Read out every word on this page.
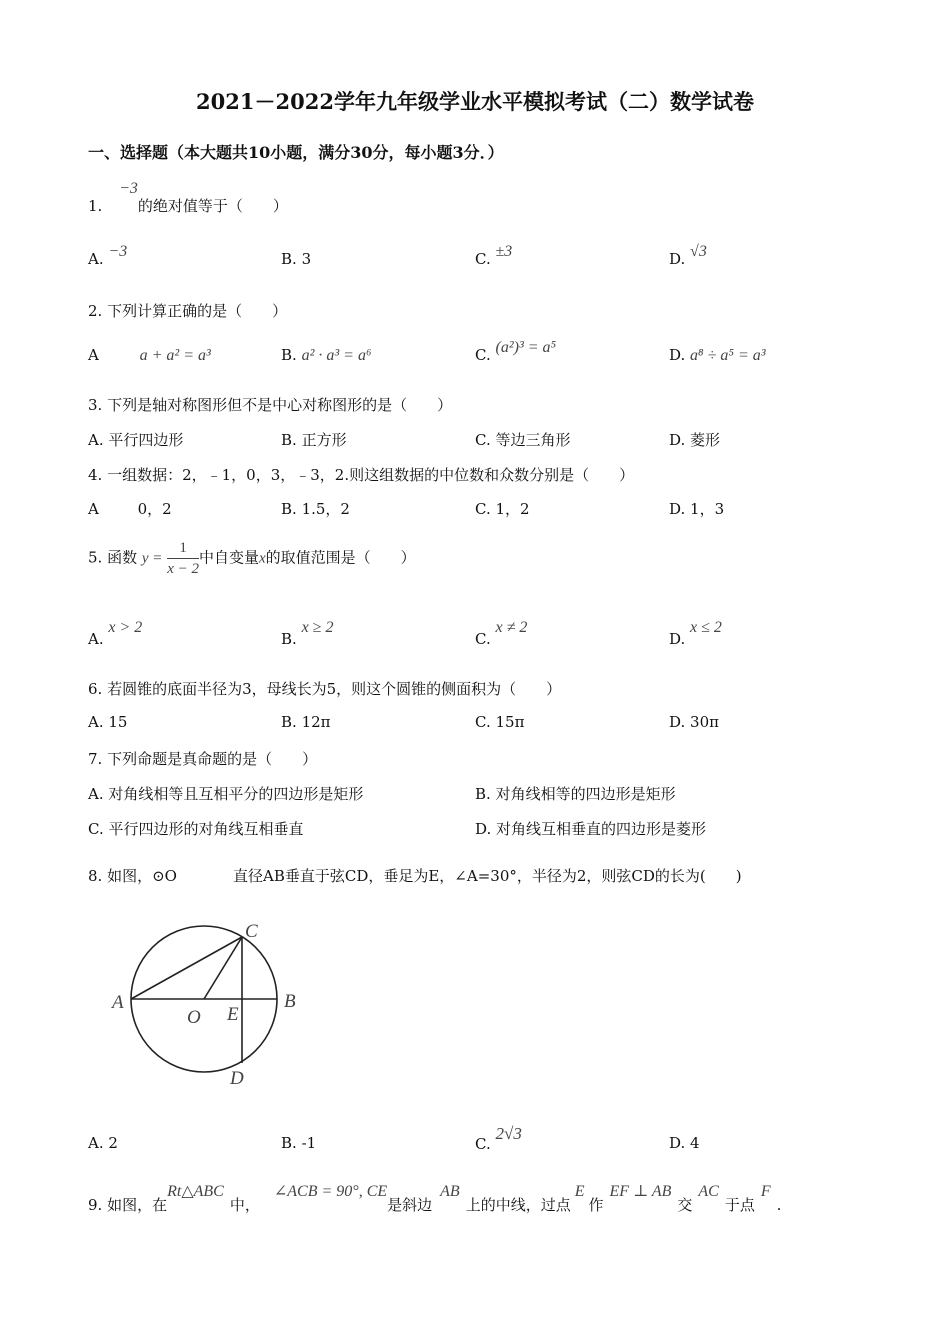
2021－2022学年九年级学业水平模拟考试（二）数学试卷
一、选择题（本大题共10小题，满分30分，每小题3分．）
1. −3的绝对值等于（　　）
A. −3	B. 3	C. ±3	D. √3
2. 下列计算正确的是（　　）
A	a + a² = a³	B. a² · a³ = a⁶	C. (a²)³ = a⁵	D. a⁸ ÷ a⁵ = a³
3. 下列是轴对称图形但不是中心对称图形的是（　　）
A. 平行四边形	B. 正方形	C. 等边三角形	D. 菱形
4. 一组数据：2，﹣1，0，3，﹣3，2.则这组数据的中位数和众数分别是（　　）
A	0，2	B. 1.5，2	C. 1，2	D. 1，3
5. 函数 $y = \frac{1}{x - 2}$ 中自变量x的取值范围是（　　）
A. x > 2
B. x ≥ 2
C. x ≠ 2
D. x ≤ 2
6. 若圆锥的底面半径为3，母线长为5，则这个圆锥的侧面积为（　　）
A. 15	B. 12π	C. 15π	D. 30π
7. 下列命题是真命题的是（　　）
A. 对角线相等且互相平分的四边形是矩形	B. 对角线相等的四边形是矩形
C. 平行四边形的对角线互相垂直	D. 对角线互相垂直的四边形是菱形
8. 如图，⊙O	直径AB垂直于弦CD，垂足为E，∠A=30°，半径为2，则弦CD的长为(　　)
A	B
C
D
E
O
A. 2	B. -1	C. 2√3	D. 4
9. 如图，在Rt△ABC中，∠ACB = 90°, CE是斜边AB上的中线，过点E作EF ⊥ AB交AC于点F.
